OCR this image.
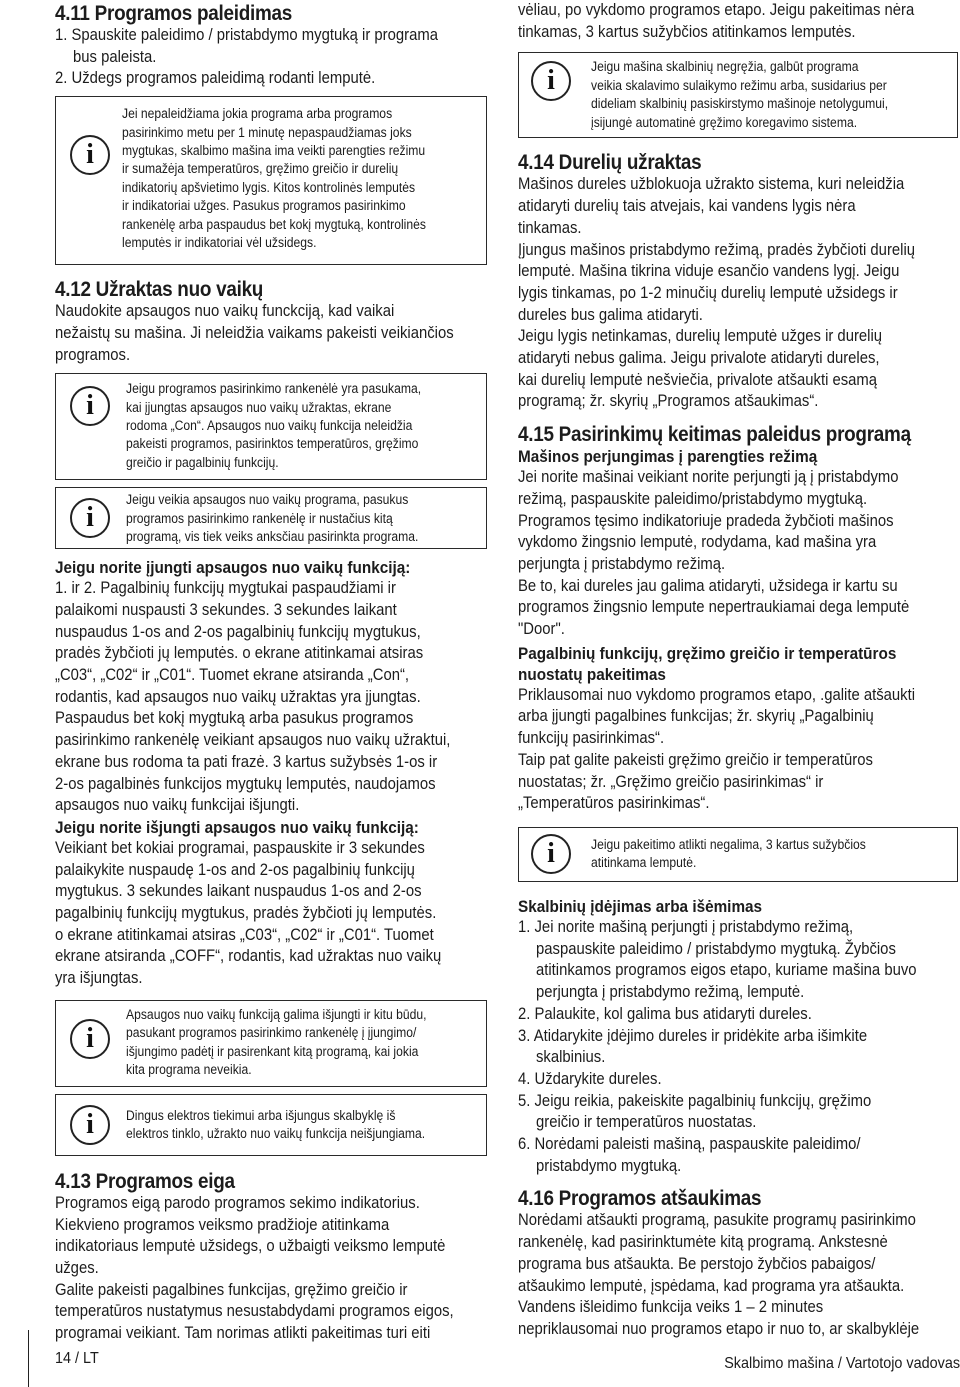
4.11 Programos paleidimas

1. Spauskite paleidimo / pristabdymo mygtuką ir programa

bus paleista.

2. Uždegs programos paleidimą rodanti lemputė.

i
Jei nepaleidžiama jokia programa arba programos
pasirinkimo metu per 1 minutę nepaspaudžiamas joks
mygtukas, skalbimo mašina ima veikti parengties režimu
ir sumažėja temperatūros, gręžimo greičio ir durelių
indikatorių apšvietimo lygis. Kitos kontrolinės lemputės
ir indikatoriai užges. Pasukus programos pasirinkimo
rankenėlę arba paspaudus bet kokį mygtuką, kontrolinės
lemputės ir indikatoriai vėl užsidegs.
4.12 Užraktas nuo vaikų

Naudokite apsaugos nuo vaikų funckciją, kad vaikai

nežaistų su mašina. Ji neleidžia vaikams pakeisti veikiančios

programos.

i
Jeigu programos pasirinkimo rankenėlė yra pasukama,
kai įjungtas apsaugos nuo vaikų užraktas, ekrane
rodoma „Con“. Apsaugos nuo vaikų funkcija neleidžia
pakeisti programos, pasirinktos temperatūros, gręžimo
greičio ir pagalbinių funkcijų.
i
Jeigu veikia apsaugos nuo vaikų programa, pasukus
programos pasirinkimo rankenėlę ir nustačius kitą
programą, vis tiek veiks anksčiau pasirinkta programa.
Jeigu norite įjungti apsaugos nuo vaikų funkciją:

1. ir 2. Pagalbinių funkcijų mygtukai paspaudžiami ir

palaikomi nuspausti 3 sekundes. 3 sekundes laikant

nuspaudus 1-os and 2-os pagalbinių funkcijų mygtukus,

pradės žybčioti jų lemputės. o ekrane atitinkamai atsiras

„C03“, „C02“ ir „C01“. Tuomet ekrane atsiranda „Con“,

rodantis, kad apsaugos nuo vaikų užraktas yra įjungtas.

Paspaudus bet kokį mygtuką arba pasukus programos

pasirinkimo rankenėlę veikiant apsaugos nuo vaikų užraktui,

ekrane bus rodoma ta pati frazė. 3 kartus sužybsės 1-os ir

2-os pagalbinės funkcijos mygtukų lemputės, naudojamos

apsaugos nuo vaikų funkcijai išjungti.

Jeigu norite išjungti apsaugos nuo vaikų funkciją:

Veikiant bet kokiai programai, paspauskite ir 3 sekundes

palaikykite nuspaudę 1-os and 2-os pagalbinių funkcijų

mygtukus. 3 sekundes laikant nuspaudus 1-os and 2-os

pagalbinių funkcijų mygtukus, pradės žybčioti jų lemputės.

o ekrane atitinkamai atsiras „C03“, „C02“ ir „C01“. Tuomet

ekrane atsiranda „COFF“, rodantis, kad užraktas nuo vaikų

yra išjungtas.

i
Apsaugos nuo vaikų funkciją galima išjungti ir kitu būdu,
pasukant programos pasirinkimo rankenėlę į įjungimo/
išjungimo padėtį ir pasirenkant kitą programą, kai jokia
kita programa neveikia.
i Dingus elektros tiekimui arba išjungus skalbyklę iš
elektros tinklo, užrakto nuo vaikų funkcija neišjungiama.
4.13 Programos eiga

Programos eigą parodo programos sekimo indikatorius.

Kiekvieno programos veiksmo pradžioje atitinkama

indikatoriaus lemputė užsidegs, o užbaigti veiksmo lemputė

užges.

Galite pakeisti pagalbines funkcijas, gręžimo greičio ir

temperatūros nustatymus nesustabdydami programos eigos,

programai veikiant. Tam norimas atlikti pakeitimas turi eiti

vėliau, po vykdomo programos etapo. Jeigu pakeitimas nėra

tinkamas, 3 kartus sužybčios atitinkamos lemputės.

i	Jeigu mašina skalbinių negręžia, galbūt programa
veikia skalavimo sulaikymo režimu arba, susidarius per
dideliam skalbinių pasiskirstymo mašinoje netolygumui,
įsijungė automatinė gręžimo koregavimo sistema.
4.14 Durelių užraktas

Mašinos dureles užblokuoja užrakto sistema, kuri neleidžia

atidaryti durelių tais atvejais, kai vandens lygis nėra

tinkamas.

Įjungus mašinos pristabdymo režimą, pradės žybčioti durelių

lemputė. Mašina tikrina viduje esančio vandens lygį. Jeigu

lygis tinkamas, po 1-2 minučių durelių lemputė užsidegs ir

dureles bus galima atidaryti.

Jeigu lygis netinkamas, durelių lemputė užges ir durelių

atidaryti nebus galima. Jeigu privalote atidaryti dureles,

kai durelių lemputė nešviečia, privalote atšaukti esamą

programą; žr. skyrių „Programos atšaukimas“.

4.15 Pasirinkimų keitimas paleidus programą
Mašinos perjungimas į parengties režimą

Jei norite mašinai veikiant norite perjungti ją į pristabdymo

režimą, paspauskite paleidimo/pristabdymo mygtuką.

Programos tęsimo indikatoriuje pradeda žybčioti mašinos

vykdomo žingsnio lemputė, rodydama, kad mašina yra

perjungta į pristabdymo režimą.

Be to, kai dureles jau galima atidaryti, užsidega ir kartu su

programos žingsnio lempute nepertraukiamai dega lemputė

"Door".

Pagalbinių funkcijų, gręžimo greičio ir temperatūros
nuostatų pakeitimas

Priklausomai nuo vykdomo programos etapo, .galite atšaukti

arba įjungti pagalbines funkcijas; žr. skyrių „Pagalbinių

funkcijų pasirinkimas“.

Taip pat galite pakeisti gręžimo greičio ir temperatūros

nuostatas; žr. „Gręžimo greičio pasirinkimas“ ir

„Temperatūros pasirinkimas“.

i	Jeigu pakeitimo atlikti negalima, 3 kartus sužybčios
atitinkama lemputė.
Skalbinių įdėjimas arba išėmimas

1. Jei norite mašiną perjungti į pristabdymo režimą,

paspauskite paleidimo / pristabdymo mygtuką. Žybčios

atitinkamos programos eigos etapo, kuriame mašina buvo

perjungta į pristabdymo režimą, lemputė.

2. Palaukite, kol galima bus atidaryti dureles.

3. Atidarykite įdėjimo dureles ir pridėkite arba išimkite

skalbinius.

4. Uždarykite dureles.

5. Jeigu reikia, pakeiskite pagalbinių funkcijų, gręžimo

greičio ir temperatūros nuostatas.

6. Norėdami paleisti mašiną, paspauskite paleidimo/

pristabdymo mygtuką.

4.16 Programos atšaukimas

Norėdami atšaukti programą, pasukite programų pasirinkimo

rankenėlę, kad pasirinktumėte kitą programą. Ankstesnė

programa bus atšaukta. Be perstojo žybčios pabaigos/

atšaukimo lemputė, įspėdama, kad programa yra atšaukta.

Vandens išleidimo funkcija veiks 1 – 2 minutes

nepriklausomai nuo programos etapo ir nuo to, ar skalbyklėje

14 / LT	Skalbimo mašina / Vartotojo vadovas
